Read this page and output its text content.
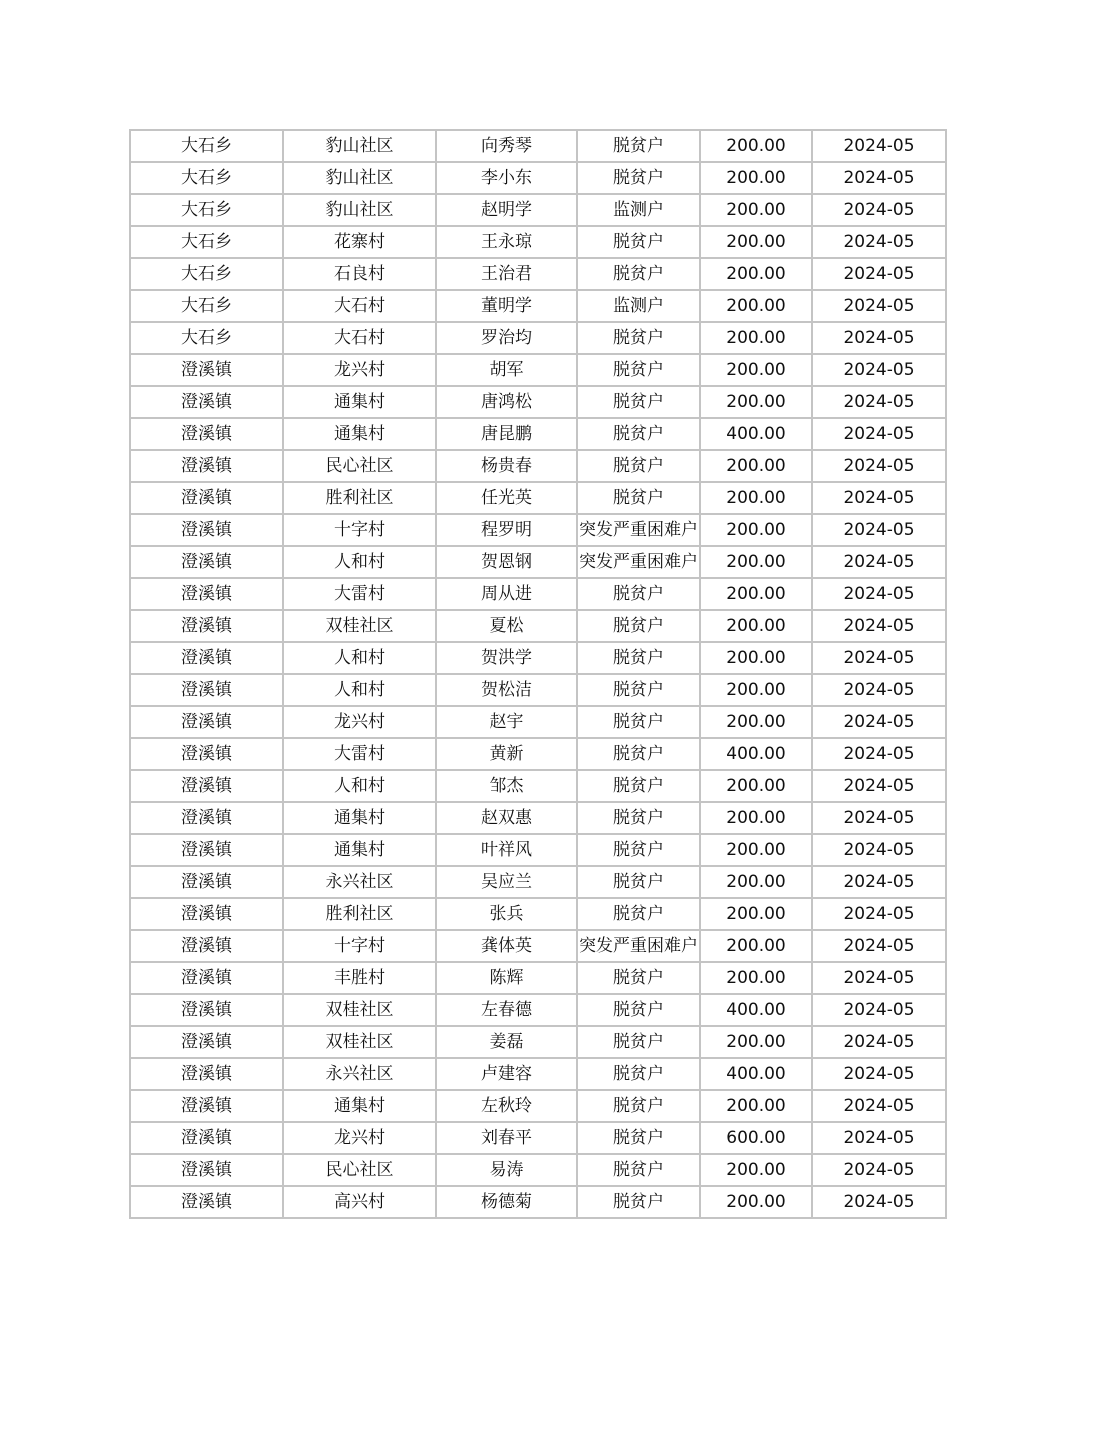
大石乡	豹山社区	向秀琴	脱贫户	200.00	2024-05
大石乡	豹山社区	李小东	脱贫户	200.00	2024-05
大石乡	豹山社区	赵明学	监测户	200.00	2024-05
大石乡	花寨村	王永琼	脱贫户	200.00	2024-05
大石乡	石良村	王治君	脱贫户	200.00	2024-05
大石乡	大石村	董明学	监测户	200.00	2024-05
大石乡	大石村	罗治均	脱贫户	200.00	2024-05
澄溪镇	龙兴村	胡军	脱贫户	200.00	2024-05
澄溪镇	通集村	唐鸿松	脱贫户	200.00	2024-05
澄溪镇	通集村	唐昆鹏	脱贫户	400.00	2024-05
澄溪镇	民心社区	杨贵春	脱贫户	200.00	2024-05
澄溪镇	胜利社区	任光英	脱贫户	200.00	2024-05
澄溪镇	十字村	程罗明	突发严重困难户	200.00	2024-05
澄溪镇	人和村	贺恩钢	突发严重困难户	200.00	2024-05
澄溪镇	大雷村	周从进	脱贫户	200.00	2024-05
澄溪镇	双桂社区	夏松	脱贫户	200.00	2024-05
澄溪镇	人和村	贺洪学	脱贫户	200.00	2024-05
澄溪镇	人和村	贺松洁	脱贫户	200.00	2024-05
澄溪镇	龙兴村	赵宇	脱贫户	200.00	2024-05
澄溪镇	大雷村	黄新	脱贫户	400.00	2024-05
澄溪镇	人和村	邹杰	脱贫户	200.00	2024-05
澄溪镇	通集村	赵双惠	脱贫户	200.00	2024-05
澄溪镇	通集村	叶祥风	脱贫户	200.00	2024-05
澄溪镇	永兴社区	吴应兰	脱贫户	200.00	2024-05
澄溪镇	胜利社区	张兵	脱贫户	200.00	2024-05
澄溪镇	十字村	龚体英	突发严重困难户	200.00	2024-05
澄溪镇	丰胜村	陈辉	脱贫户	200.00	2024-05
澄溪镇	双桂社区	左春德	脱贫户	400.00	2024-05
澄溪镇	双桂社区	姜磊	脱贫户	200.00	2024-05
澄溪镇	永兴社区	卢建容	脱贫户	400.00	2024-05
澄溪镇	通集村	左秋玲	脱贫户	200.00	2024-05
澄溪镇	龙兴村	刘春平	脱贫户	600.00	2024-05
澄溪镇	民心社区	易涛	脱贫户	200.00	2024-05
澄溪镇	高兴村	杨德菊	脱贫户	200.00	2024-05
